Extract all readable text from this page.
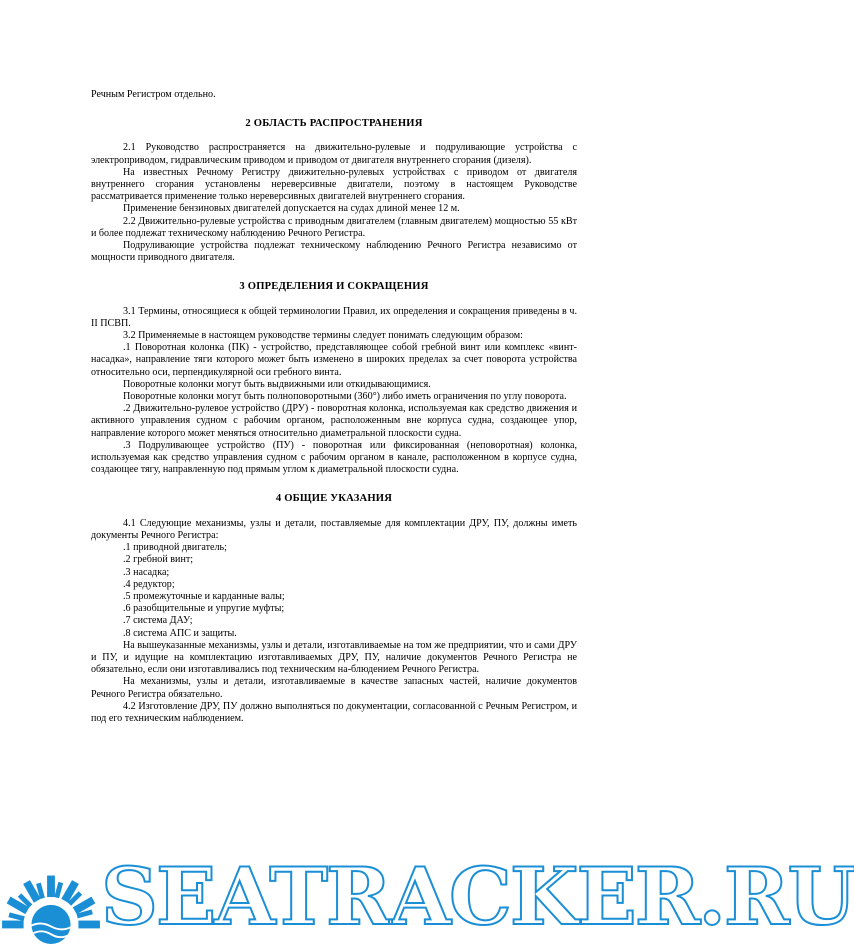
Речным Регистром отдельно.

2 ОБЛАСТЬ РАСПРОСТРАНЕНИЯ

2.1 Руководство распространяется на движительно-рулевые и подруливающие устройства с электроприводом, гидравлическим приводом и приводом от двигателя внутреннего сгорания (дизеля).

На известных Речному Регистру движительно-рулевых устройствах с приводом от двигателя внутреннего сгорания установлены нереверсивные двигатели, поэтому в настоящем Руководстве рассматривается применение только нереверсивных двигателей внутреннего сгорания.

Применение бензиновых двигателей допускается на судах длиной менее 12 м.

2.2 Движительно-рулевые устройства с приводным двигателем (главным двигателем) мощностью 55 кВт и более подлежат техническому наблюдению Речного Регистра.

Подруливающие устройства подлежат техническому наблюдению Речного Регистра независимо от мощности приводного двигателя.

3 ОПРЕДЕЛЕНИЯ И СОКРАЩЕНИЯ

3.1 Термины, относящиеся к общей терминологии Правил, их определения и сокращения приведены в ч. II ПСВП.

3.2 Применяемые в настоящем руководстве термины следует понимать следующим образом:

.1 Поворотная колонка (ПК) - устройство, представляющее собой гребной винт или комплекс «винт-насадка», направление тяги которого может быть изменено в широких пределах за счет поворота устройства относительно оси, перпендикулярной оси гребного винта.

Поворотные колонки могут быть выдвижными или откидывающимися.

Поворотные колонки могут быть полноповоротными (360°) либо иметь ограничения по углу поворота.

.2 Движительно-рулевое устройство (ДРУ) - поворотная колонка, используемая как средство движения и активного управления судном с рабочим органом, расположенным вне корпуса судна, создающее упор, направление которого может меняться относительно диаметральной плоскости судна.

.3 Подруливающее устройство (ПУ) - поворотная или фиксированная (неповоротная) колонка, используемая как средство управления судном с рабочим органом в канале, расположенном в корпусе судна, создающее тягу, направленную под прямым углом к диаметральной плоскости судна.

4 ОБЩИЕ УКАЗАНИЯ

4.1 Следующие механизмы, узлы и детали, поставляемые для комплектации ДРУ, ПУ, должны иметь документы Речного Регистра:

.1 приводной двигатель;

.2 гребной винт;

.3 насадка;

.4 редуктор;

.5 промежуточные и карданные валы;

.6 разобщительные и упругие муфты;

.7 система ДАУ;

.8 система АПС и защиты.

На вышеуказанные механизмы, узлы и детали, изготавливаемые на том же предприятии, что и сами ДРУ и ПУ, и идущие на комплектацию изготавливаемых ДРУ, ПУ, наличие документов Речного Регистра не обязательно, если они изготавливались под техническим на-блюдением Речного Регистра.

На механизмы, узлы и детали, изготавливаемые в качестве запасных частей, наличие документов Речного Регистра обязательно.

4.2 Изготовление ДРУ, ПУ должно выполняться по документации, согласованной с Речным Регистром, и под его техническим наблюдением.

SEATRACKER.RU
